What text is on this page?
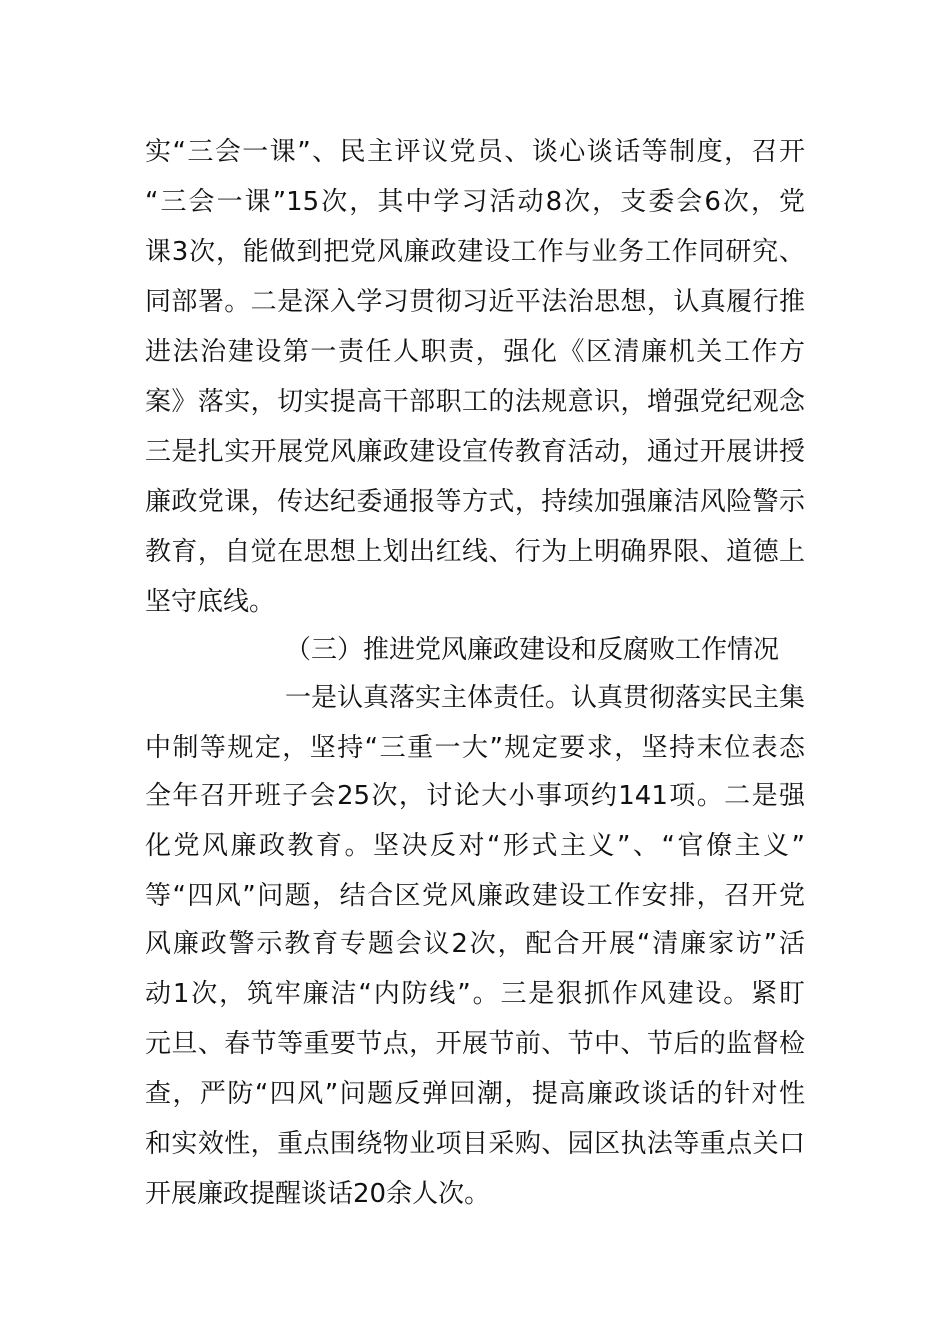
实“三会一课”、民主评议党员、谈心谈话等制度，召开
“三会一课”15次，其中学习活动8次，支委会6次，党
课3次，能做到把党风廉政建设工作与业务工作同研究、
同部署。二是深入学习贯彻习近平法治思想，认真履行推
进法治建设第一责任人职责，强化《区清廉机关工作方
案》落实，切实提高干部职工的法规意识，增强党纪观念
三是扎实开展党风廉政建设宣传教育活动，通过开展讲授
廉政党课，传达纪委通报等方式，持续加强廉洁风险警示
教育，自觉在思想上划出红线、行为上明确界限、道德上
坚守底线。
（三）推进党风廉政建设和反腐败工作情况
一是认真落实主体责任。认真贯彻落实民主集
中制等规定，坚持“三重一大”规定要求，坚持末位表态
全年召开班子会25次，讨论大小事项约141项。二是强
化党风廉政教育。坚决反对“形式主义”、“官僚主义”
等“四风”问题，结合区党风廉政建设工作安排，召开党
风廉政警示教育专题会议2次，配合开展“清廉家访”活
动1次，筑牢廉洁“内防线”。三是狠抓作风建设。紧盯
元旦、春节等重要节点，开展节前、节中、节后的监督检
查，严防“四风”问题反弹回潮，提高廉政谈话的针对性
和实效性，重点围绕物业项目采购、园区执法等重点关口
开展廉政提醒谈话20余人次。
